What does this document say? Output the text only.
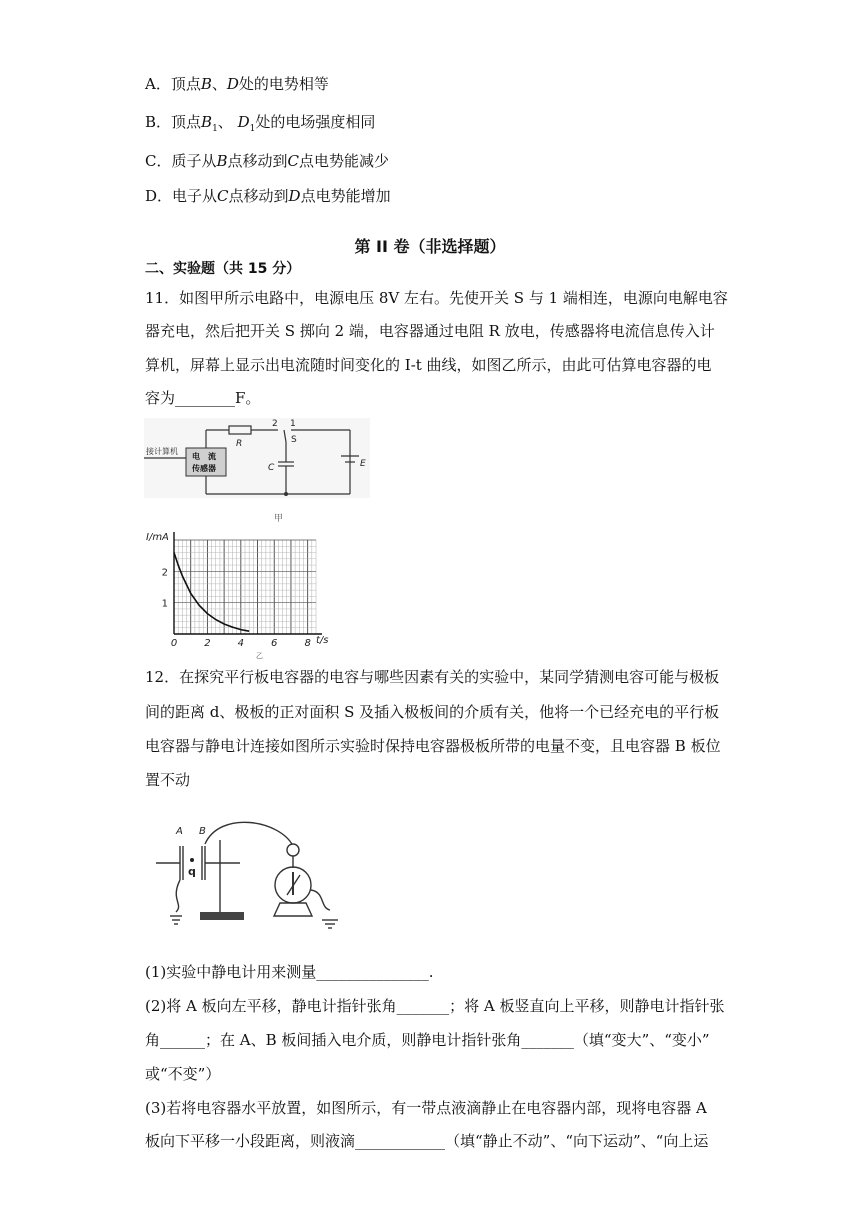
A．顶点B、D处的电势相等
B．顶点$B_1$、 $D_1$处的电场强度相同
C．质子从B点移动到C点电势能减少
D．电子从C点移动到D点电势能增加
第 II 卷（非选择题）
二、实验题（共 15 分）
11．如图甲所示电路中，电源电压 8V 左右。先使开关 S 与 1 端相连，电源向电解电容
器充电，然后把开关 S 掷向 2 端，电容器通过电阻 R 放电，传感器将电流信息传入计
算机，屏幕上显示出电流随时间变化的 I-t 曲线，如图乙所示，由此可估算电容器的电
容为________F。
接计算机
电　流
传感器
R
2 1
S
C	E
甲
0	2	4	6	8
1
2
I/mA
t/s
乙
12．在探究平行板电容器的电容与哪些因素有关的实验中，某同学猜测电容可能与极板
间的距离 d、极板的正对面积 S 及插入极板间的介质有关，他将一个已经充电的平行板
电容器与静电计连接如图所示实验时保持电容器极板所带的电量不变，且电容器 B 板位
置不动
A B
q
(1)实验中静电计用来测量_______________.
(2)将 A 板向左平移，静电计指针张角_______；将 A 板竖直向上平移，则静电计指针张
角______；在 A、B 板间插入电介质，则静电计指针张角_______（填“变大”、“变小”
或“不变”）
(3)若将电容器水平放置，如图所示，有一带点液滴静止在电容器内部，现将电容器 A
板向下平移一小段距离，则液滴____________（填“静止不动”、“向下运动”、“向上运
